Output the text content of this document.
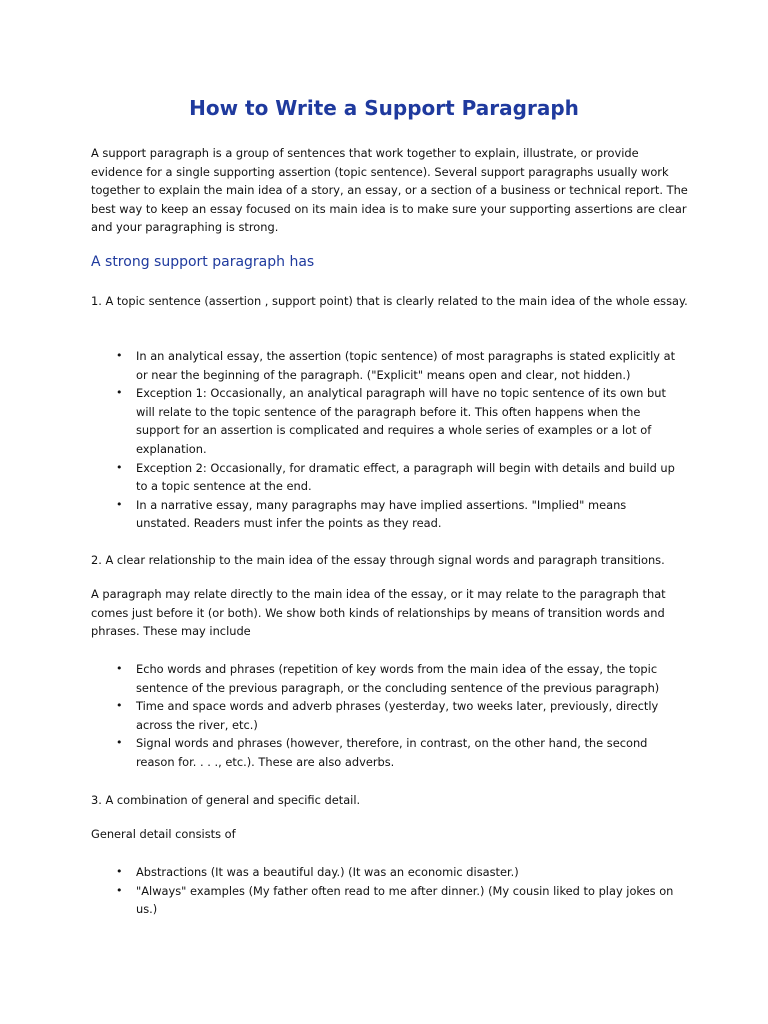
How to Write a Support Paragraph

A support paragraph is a group of sentences that work together to explain, illustrate, or provide evidence for a single supporting assertion (topic sentence). Several support paragraphs usually work together to explain the main idea of a story, an essay, or a section of a business or technical report. The best way to keep an essay focused on its main idea is to make sure your supporting assertions are clear and your paragraphing is strong.

A strong support paragraph has

1. A topic sentence (assertion , support point) that is clearly related to the main idea of the whole essay.

• In an analytical essay, the assertion (topic sentence) of most paragraphs is stated explicitly at or near the beginning of the paragraph. ("Explicit" means open and clear, not hidden.)
• Exception 1: Occasionally, an analytical paragraph will have no topic sentence of its own but will relate to the topic sentence of the paragraph before it. This often happens when the support for an assertion is complicated and requires a whole series of examples or a lot of explanation.
• Exception 2: Occasionally, for dramatic effect, a paragraph will begin with details and build up to a topic sentence at the end.
• In a narrative essay, many paragraphs may have implied assertions. "Implied" means unstated. Readers must infer the points as they read.

2. A clear relationship to the main idea of the essay through signal words and paragraph transitions.

A paragraph may relate directly to the main idea of the essay, or it may relate to the paragraph that comes just before it (or both). We show both kinds of relationships by means of transition words and phrases. These may include

• Echo words and phrases (repetition of key words from the main idea of the essay, the topic sentence of the previous paragraph, or the concluding sentence of the previous paragraph)
• Time and space words and adverb phrases (yesterday, two weeks later, previously, directly across the river, etc.)
• Signal words and phrases (however, therefore, in contrast, on the other hand, the second reason for. . . ., etc.). These are also adverbs.

3. A combination of general and specific detail.

General detail consists of

• Abstractions (It was a beautiful day.) (It was an economic disaster.)
• "Always" examples (My father often read to me after dinner.) (My cousin liked to play jokes on us.)
